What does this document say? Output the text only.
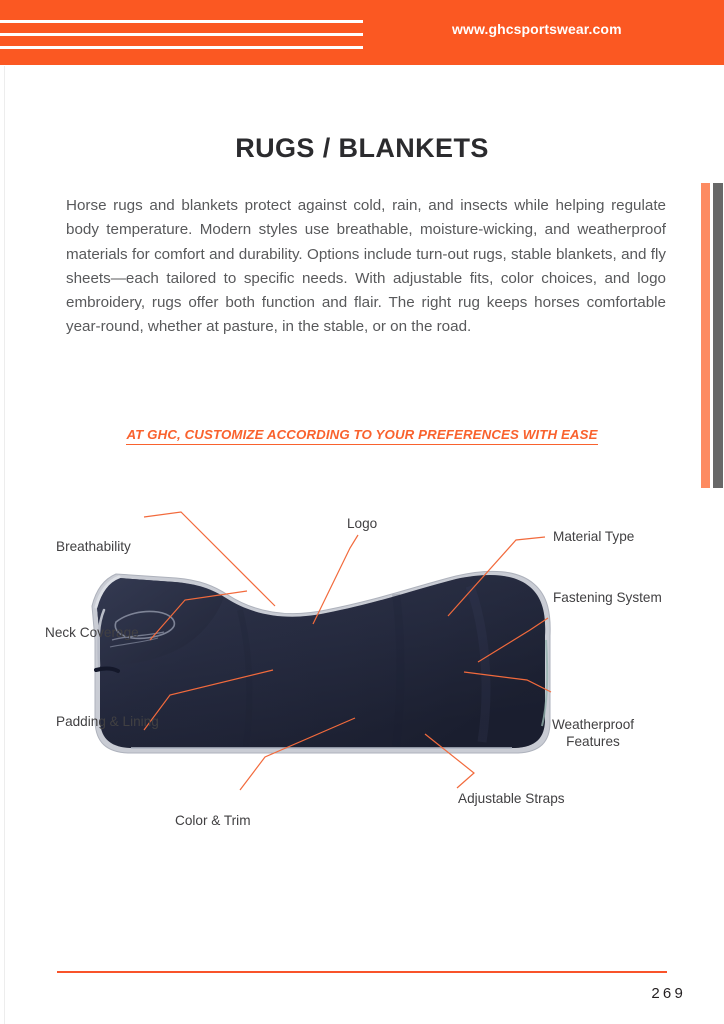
www.ghcsportswear.com
RUGS / BLANKETS
Horse rugs and blankets protect against cold, rain, and insects while helping regulate body temperature. Modern styles use breathable, moisture-wicking, and weatherproof materials for comfort and durability. Options include turn-out rugs, stable blankets, and fly sheets—each tailored to specific needs. With adjustable fits, color choices, and logo embroidery, rugs offer both function and flair. The right rug keeps horses comfortable year-round, whether at pasture, in the stable, or on the road.
AT GHC, CUSTOMIZE ACCORDING TO YOUR PREFERENCES WITH EASE
Breathability
Logo
Material Type
Fastening System
Neck Coverage
Padding & Lining	Weatherproof Features
Color & Trim
Adjustable Straps
269
